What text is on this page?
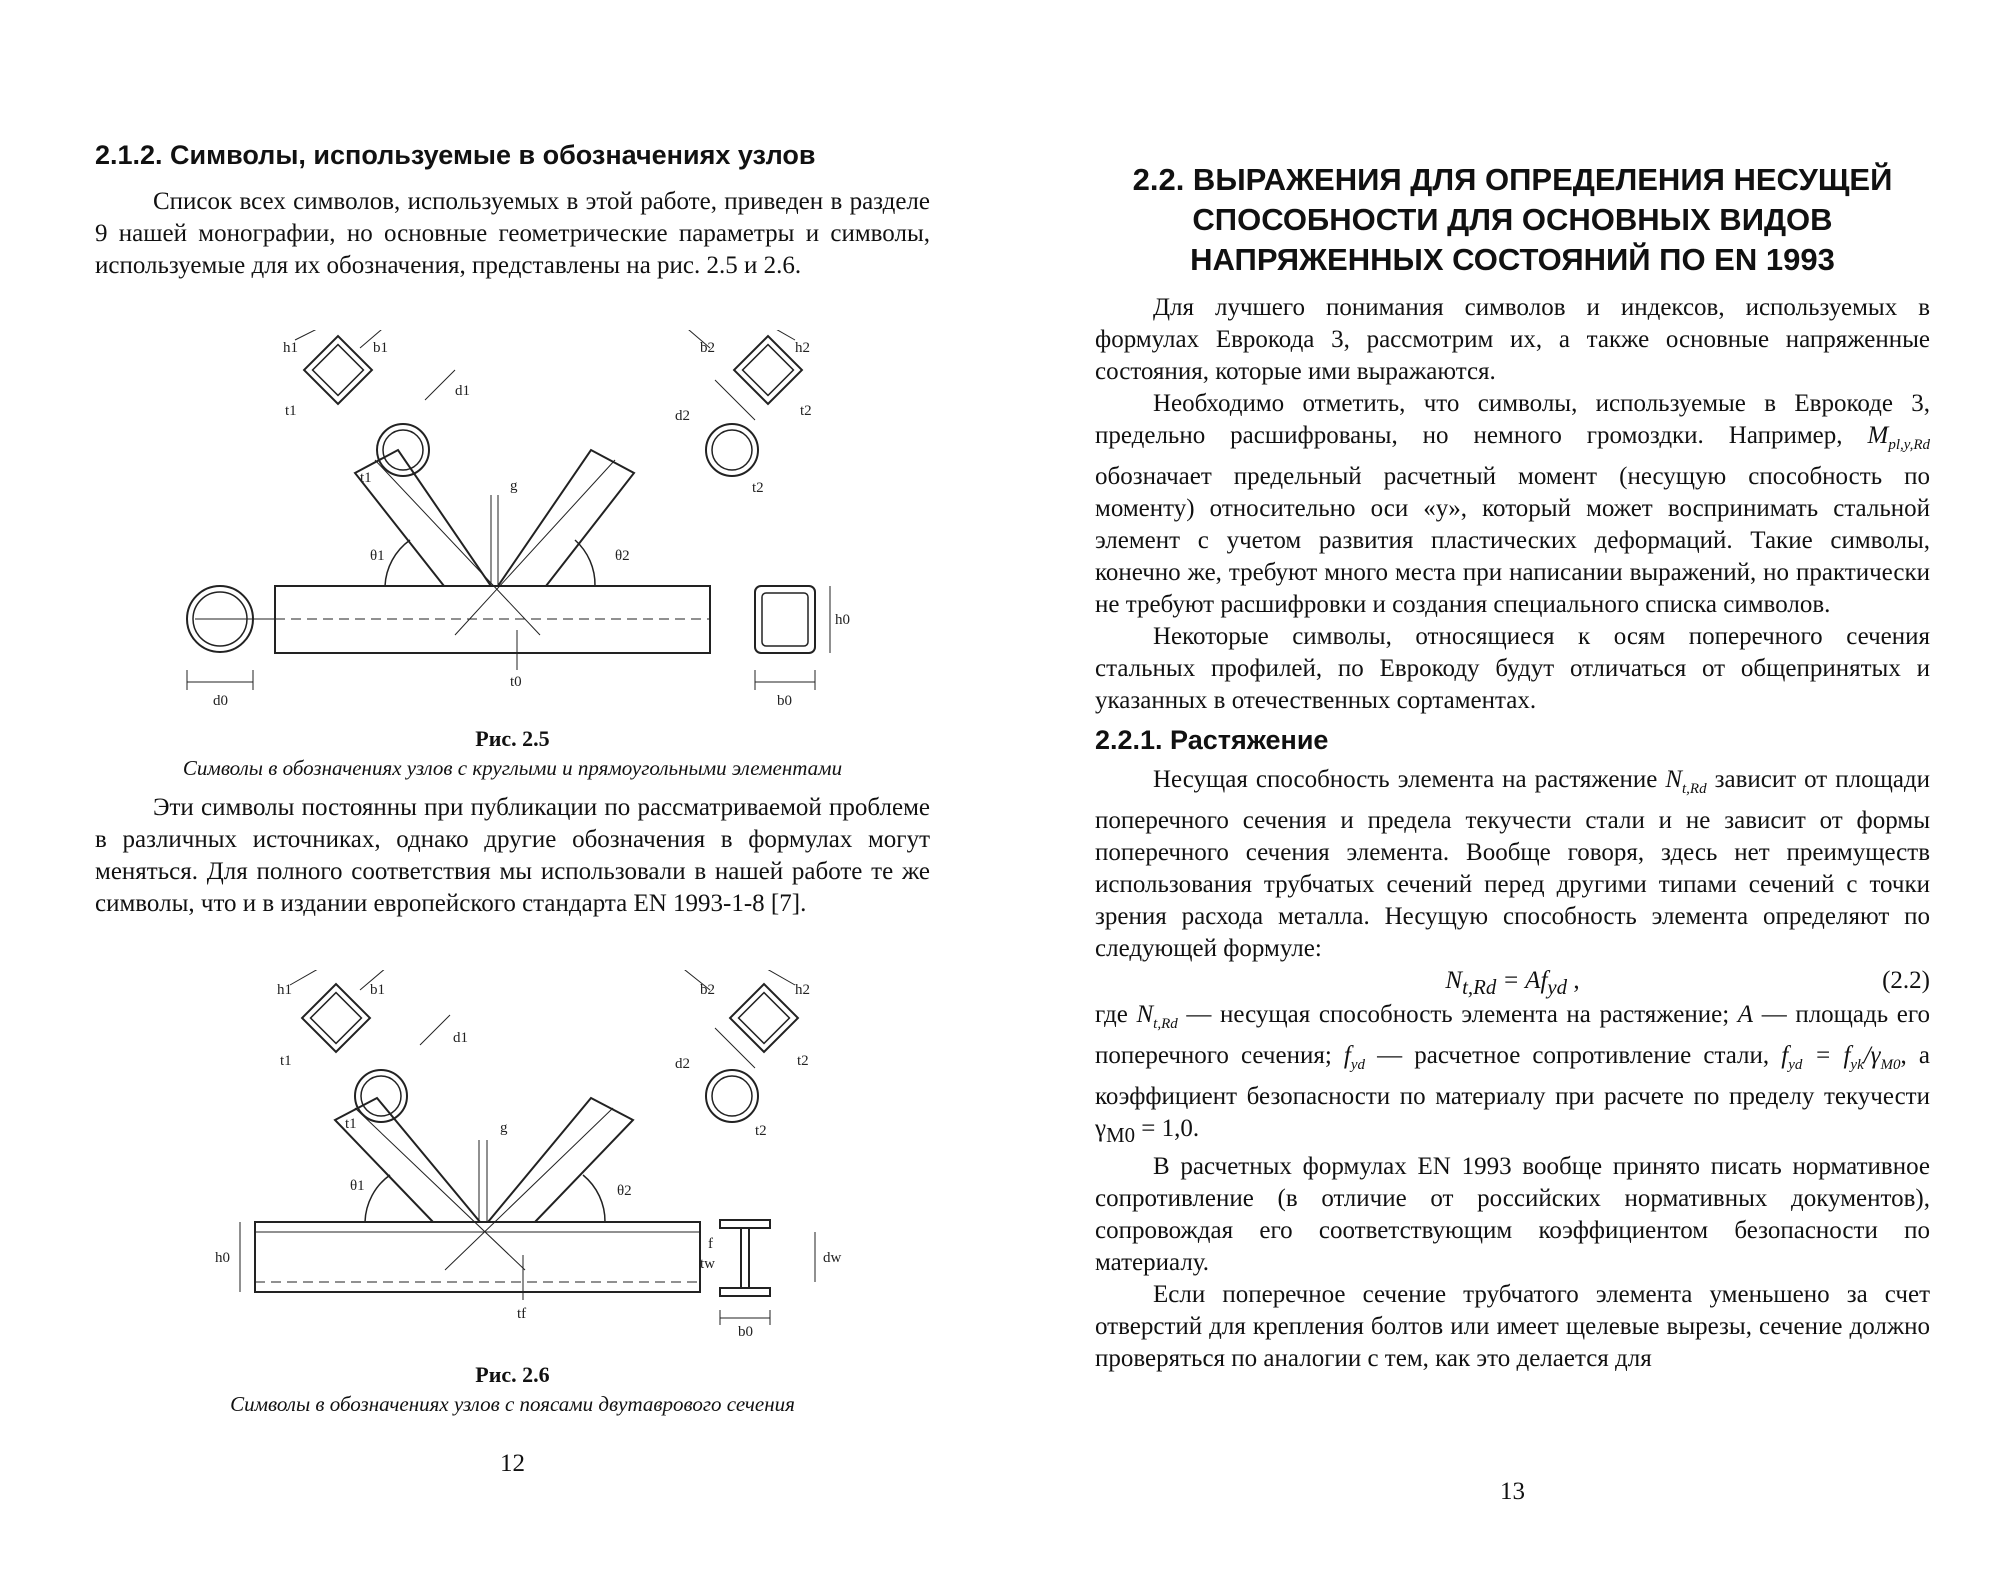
2.1.2. Символы, используемые в обозначениях узлов

Список всех символов, используемых в этой работе, приведен в разделе 9 нашей монографии, но основные геометрические параметры и символы, используемые для их обозначения, представлены на рис. 2.5 и 2.6.

h1	b1	b2	h2
d1
d2
t1
t1
t2
t2
g
θ1	θ2
h0
t0
d0	b0

Рис. 2.5

Символы в обозначениях узлов с круглыми и прямоугольными элементами

Эти символы постоянны при публикации по рассматриваемой проблеме в различных источниках, однако другие обозначения в формулах могут меняться. Для полного соответствия мы использовали в нашей работе те же символы, что и в издании европейского стандарта EN 1993-1-8 [7].

h1	b1	b2	h2
d1
d2
t1
t1
t2
t2
g
θ1	θ2
h0
tf
f
tw	dw
b0

Рис. 2.6

Символы в обозначениях узлов с поясами двутаврового сечения

12
2.2. ВЫРАЖЕНИЯ ДЛЯ ОПРЕДЕЛЕНИЯ НЕСУЩЕЙ
СПОСОБНОСТИ ДЛЯ ОСНОВНЫХ ВИДОВ
НАПРЯЖЕННЫХ СОСТОЯНИЙ ПО EN 1993

Для лучшего понимания символов и индексов, используемых в формулах Еврокода 3, рассмотрим их, а также основные напряженные состояния, которые ими выражаются.

Необходимо отметить, что символы, используемые в Еврокоде 3, предельно расшифрованы, но немного громоздки. Например, $M_{pl,y,Rd}$ обозначает предельный расчетный момент (несущую способность по моменту) относительно оси «y», который может воспринимать стальной элемент с учетом развития пластических деформаций. Такие символы, конечно же, требуют много места при написании выражений, но практически не требуют расшифровки и создания специального списка символов.

Некоторые символы, относящиеся к осям поперечного сечения стальных профилей, по Еврокоду будут отличаться от общепринятых и указанных в отечественных сортаментах.

2.2.1. Растяжение

Несущая способность элемента на растяжение $N_{t,Rd}$ зависит от площади поперечного сечения и предела текучести стали и не зависит от формы поперечного сечения элемента. Вообще говоря, здесь нет преимуществ использования трубчатых сечений перед другими типами сечений с точки зрения расхода металла. Несущую способность элемента определяют по следующей формуле:

$N_{t,Rd} = Af_{yd}$ ,	(2.2)

где $N_{t,Rd}$ — несущая способность элемента на растяжение; A — площадь его поперечного сечения; $f_{yd}$ — расчетное сопротивление стали, $f_{yd} = f_{yk}/\gamma_{M0}$, а коэффициент безопасности по материалу при расчете по пределу текучести $\gamma_{M0} = 1,0$.

В расчетных формулах EN 1993 вообще принято писать нормативное сопротивление (в отличие от российских нормативных документов), сопровождая его соответствующим коэффициентом безопасности по материалу.

Если поперечное сечение трубчатого элемента уменьшено за счет отверстий для крепления болтов или имеет щелевые вырезы, сечение должно проверяться по аналогии с тем, как это делается для

13
